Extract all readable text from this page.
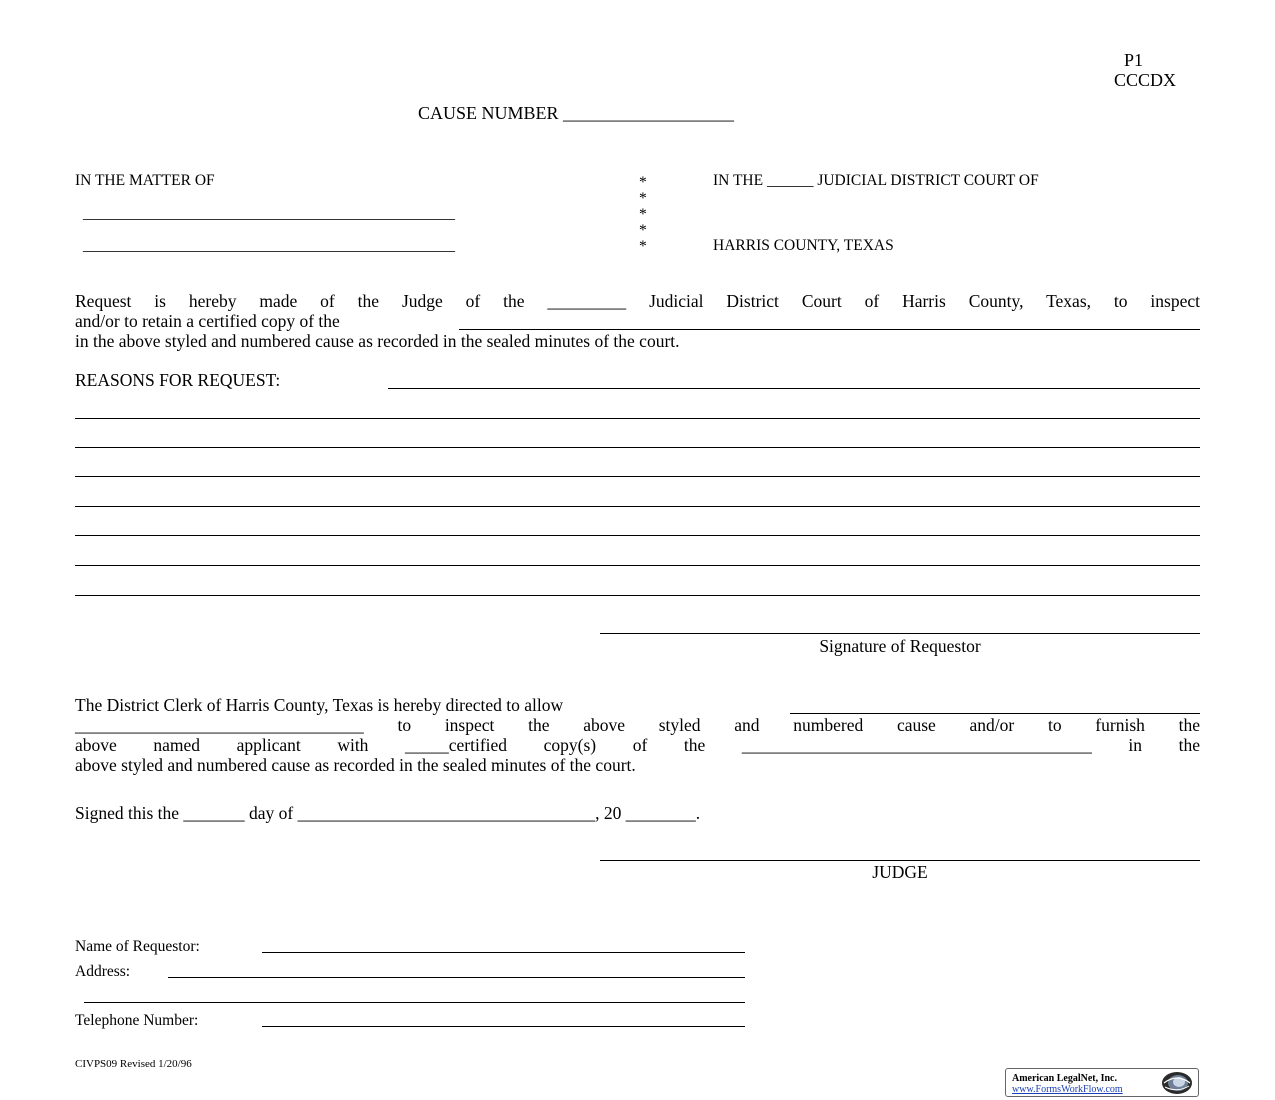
P1
CCCDX
CAUSE NUMBER ___________________
IN THE MATTER OF
________________________________________________
________________________________________________
*
*
*
*
*
IN THE ______ JUDICIAL DISTRICT COURT OF
HARRIS COUNTY, TEXAS
Request is hereby made of the Judge of the _________ Judicial District Court of Harris County, Texas, to inspect
and/or to retain a certified copy of the
in the above styled and numbered cause as recorded in the sealed minutes of the court.
REASONS FOR REQUEST:
Signature of Requestor
The District Clerk of Harris County, Texas is hereby directed to allow
_________________________________ to inspect the above styled and numbered cause and/or to furnish the
above named applicant with _____certified copy(s) of the ________________________________________ in the
above styled and numbered cause as recorded in the sealed minutes of the court.
Signed this the _______ day of __________________________________, 20 ________.
JUDGE
Name of Requestor:
Address:
Telephone Number:
CIVPS09 Revised 1/20/96
American LegalNet, Inc.
www.FormsWorkFlow.com
